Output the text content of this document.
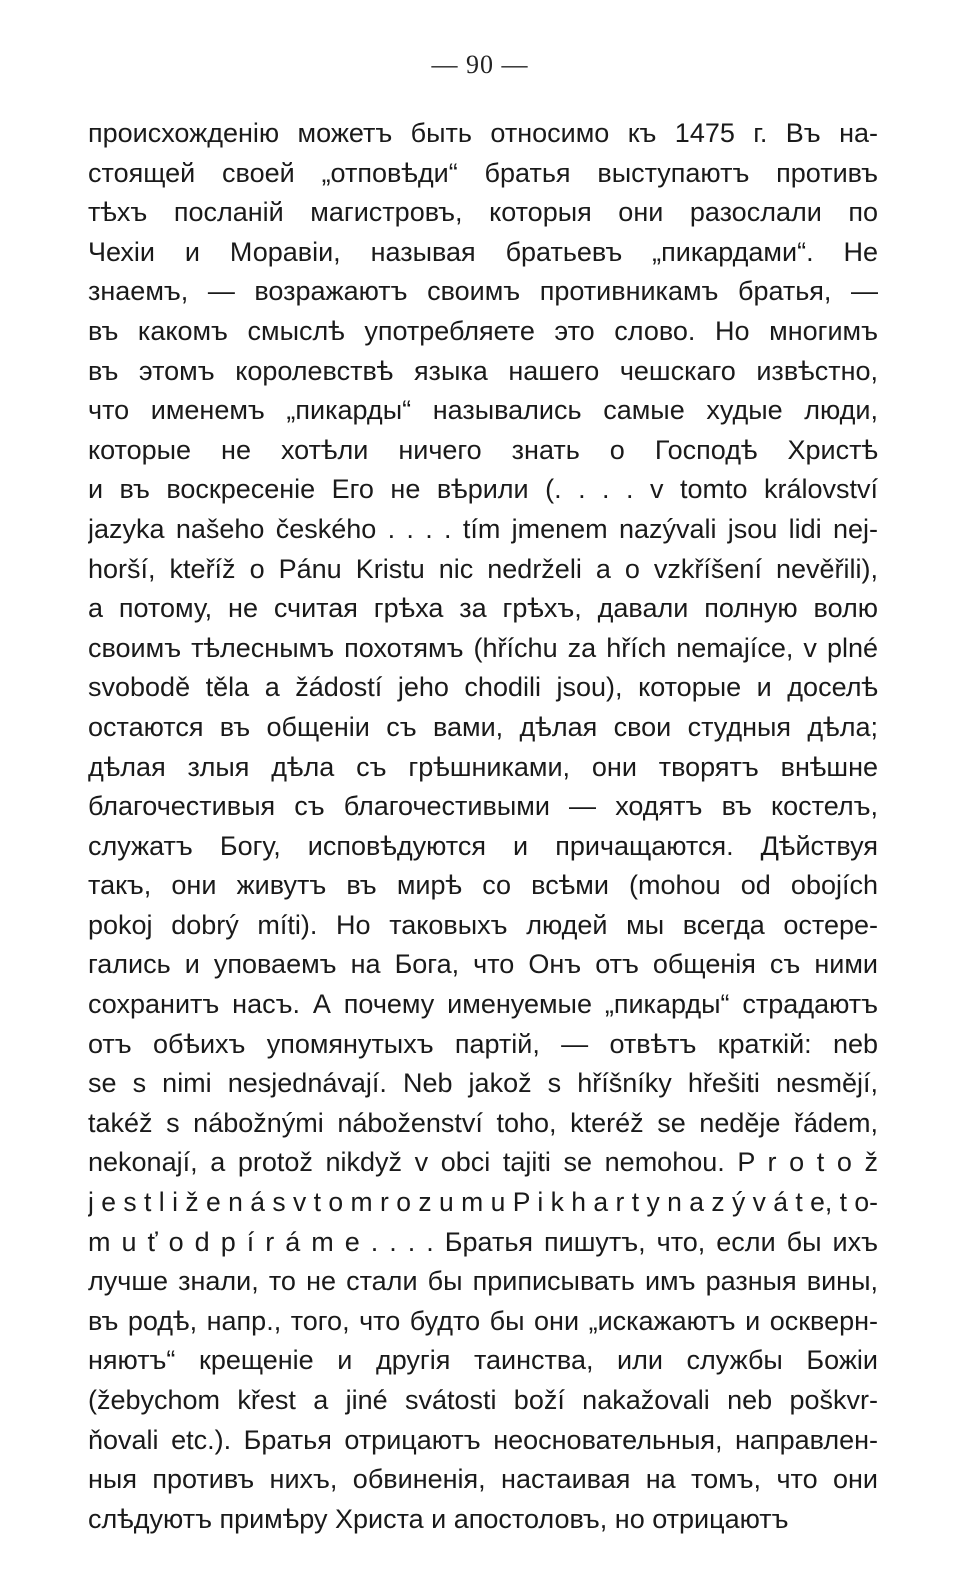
— 90 —
происхожденію можетъ быть относимо къ 1475 г. Въ на-
стоящей своей „отповѣди“ братья выступаютъ противъ
тѣхъ посланій магистровъ, которыя они разослали по
Чехіи и Моравіи, называя братьевъ „пикардами“. Не
знаемъ, — возражаютъ своимъ противникамъ братья, —
въ какомъ смыслѣ употребляете это слово. Но многимъ
въ этомъ королевствѣ языка нашего чешскаго извѣстно,
что именемъ „пикарды“ назывались самые худые люди,
которые не хотѣли ничего знать о Господѣ Христѣ
и въ воскресеніе Его не вѣрили (. . . . v tomto království
jazyka našeho českého . . . . tím jmenem nazývali jsou lidi nej-
horší, kteříž o Pánu Kristu nic nedrželi a o vzkříšení nevěřili),
а потому, не считая грѣха за грѣхъ, давали полную волю
своимъ тѣлеснымъ похотямъ (hříchu za hřích nemajíce, v plné
svobodě těla a žádostí jeho chodili jsou), которые и доселѣ
остаются въ общеніи съ вами, дѣлая свои студныя дѣла;
дѣлая злыя дѣла съ грѣшниками, они творятъ внѣшне
благочестивыя съ благочестивыми — ходятъ въ костелъ,
служатъ Богу, исповѣдуются и причащаются. Дѣйствуя
такъ, они живутъ въ мирѣ со всѣми (mohou od obojích
pokoj dobrý míti). Но таковыхъ людей мы всегда остере-
гались и уповаемъ на Бога, что Онъ отъ общенія съ ними
сохранитъ насъ. А почему именуемые „пикарды“ страдаютъ
отъ обѣихъ упомянутыхъ партій, — отвѣтъ краткій: neb
se s nimi nesjednávají. Neb jakož s hříšníky hřešiti nesmějí,
takéž s nábožnými náboženství toho, kteréž se neděje řádem,
nekonají, a protož nikdyž v obci tajiti se nemohou. P r o t o ž
j e s t l i ž e n á s v t o m r o z u m u P i k h a r t y n a z ý v á t e, t o-
m u ť o d p í r á m e . . . . Братья пишутъ, что, если бы ихъ
лучше знали, то не стали бы приписывать имъ разныя вины,
въ родѣ, напр., того, что будто бы они „искажаютъ и оскверн-
няютъ“ крещеніе и другія таинства, или службы Божіи
(žebychom křest a jiné svátosti boží nakažovali neb poškvr-
ňovali etc.). Братья отрицаютъ неосновательныя, направлен-
ныя противъ нихъ, обвиненія, настаивая на томъ, что они
слѣдуютъ примѣру Христа и апостоловъ, но отрицаютъ
